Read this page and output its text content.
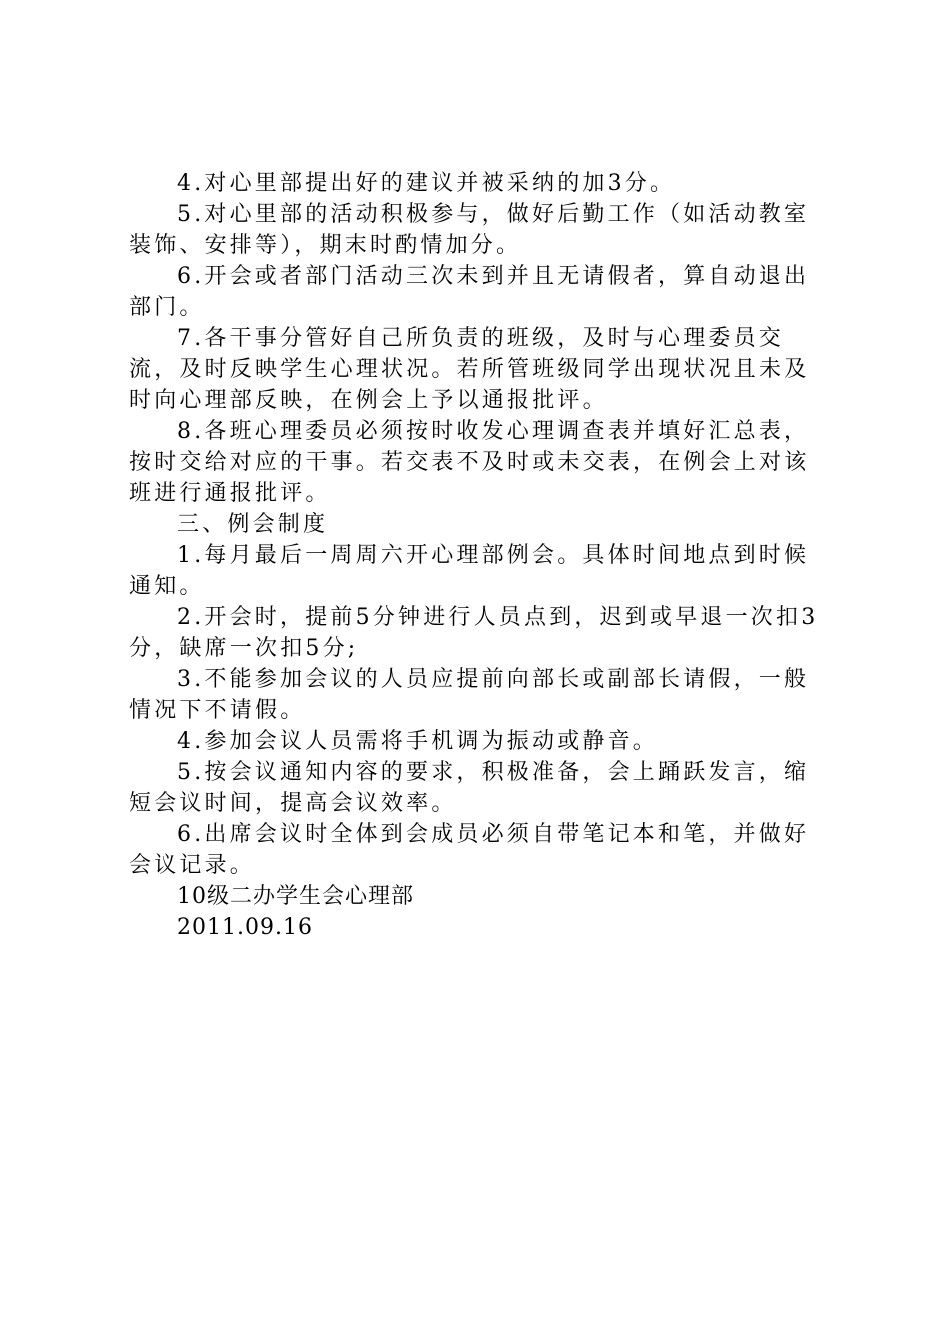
4.对心里部提出好的建议并被采纳的加3分。

5.对心里部的活动积极参与，做好后勤工作（如活动教室装饰、安排等），期末时酌情加分。

6.开会或者部门活动三次未到并且无请假者，算自动退出部门。

7.各干事分管好自己所负责的班级，及时与心理委员交流，及时反映学生心理状况。若所管班级同学出现状况且未及时向心理部反映，在例会上予以通报批评。

8.各班心理委员必须按时收发心理调查表并填好汇总表，按时交给对应的干事。若交表不及时或未交表，在例会上对该班进行通报批评。

三、例会制度

1.每月最后一周周六开心理部例会。具体时间地点到时候通知。

2.开会时，提前5分钟进行人员点到，迟到或早退一次扣3分，缺席一次扣5分;

3.不能参加会议的人员应提前向部长或副部长请假，一般情况下不请假。

4.参加会议人员需将手机调为振动或静音。

5.按会议通知内容的要求，积极准备，会上踊跃发言，缩短会议时间，提高会议效率。

6.出席会议时全体到会成员必须自带笔记本和笔，并做好会议记录。

10级二办学生会心理部

2011.09.16
